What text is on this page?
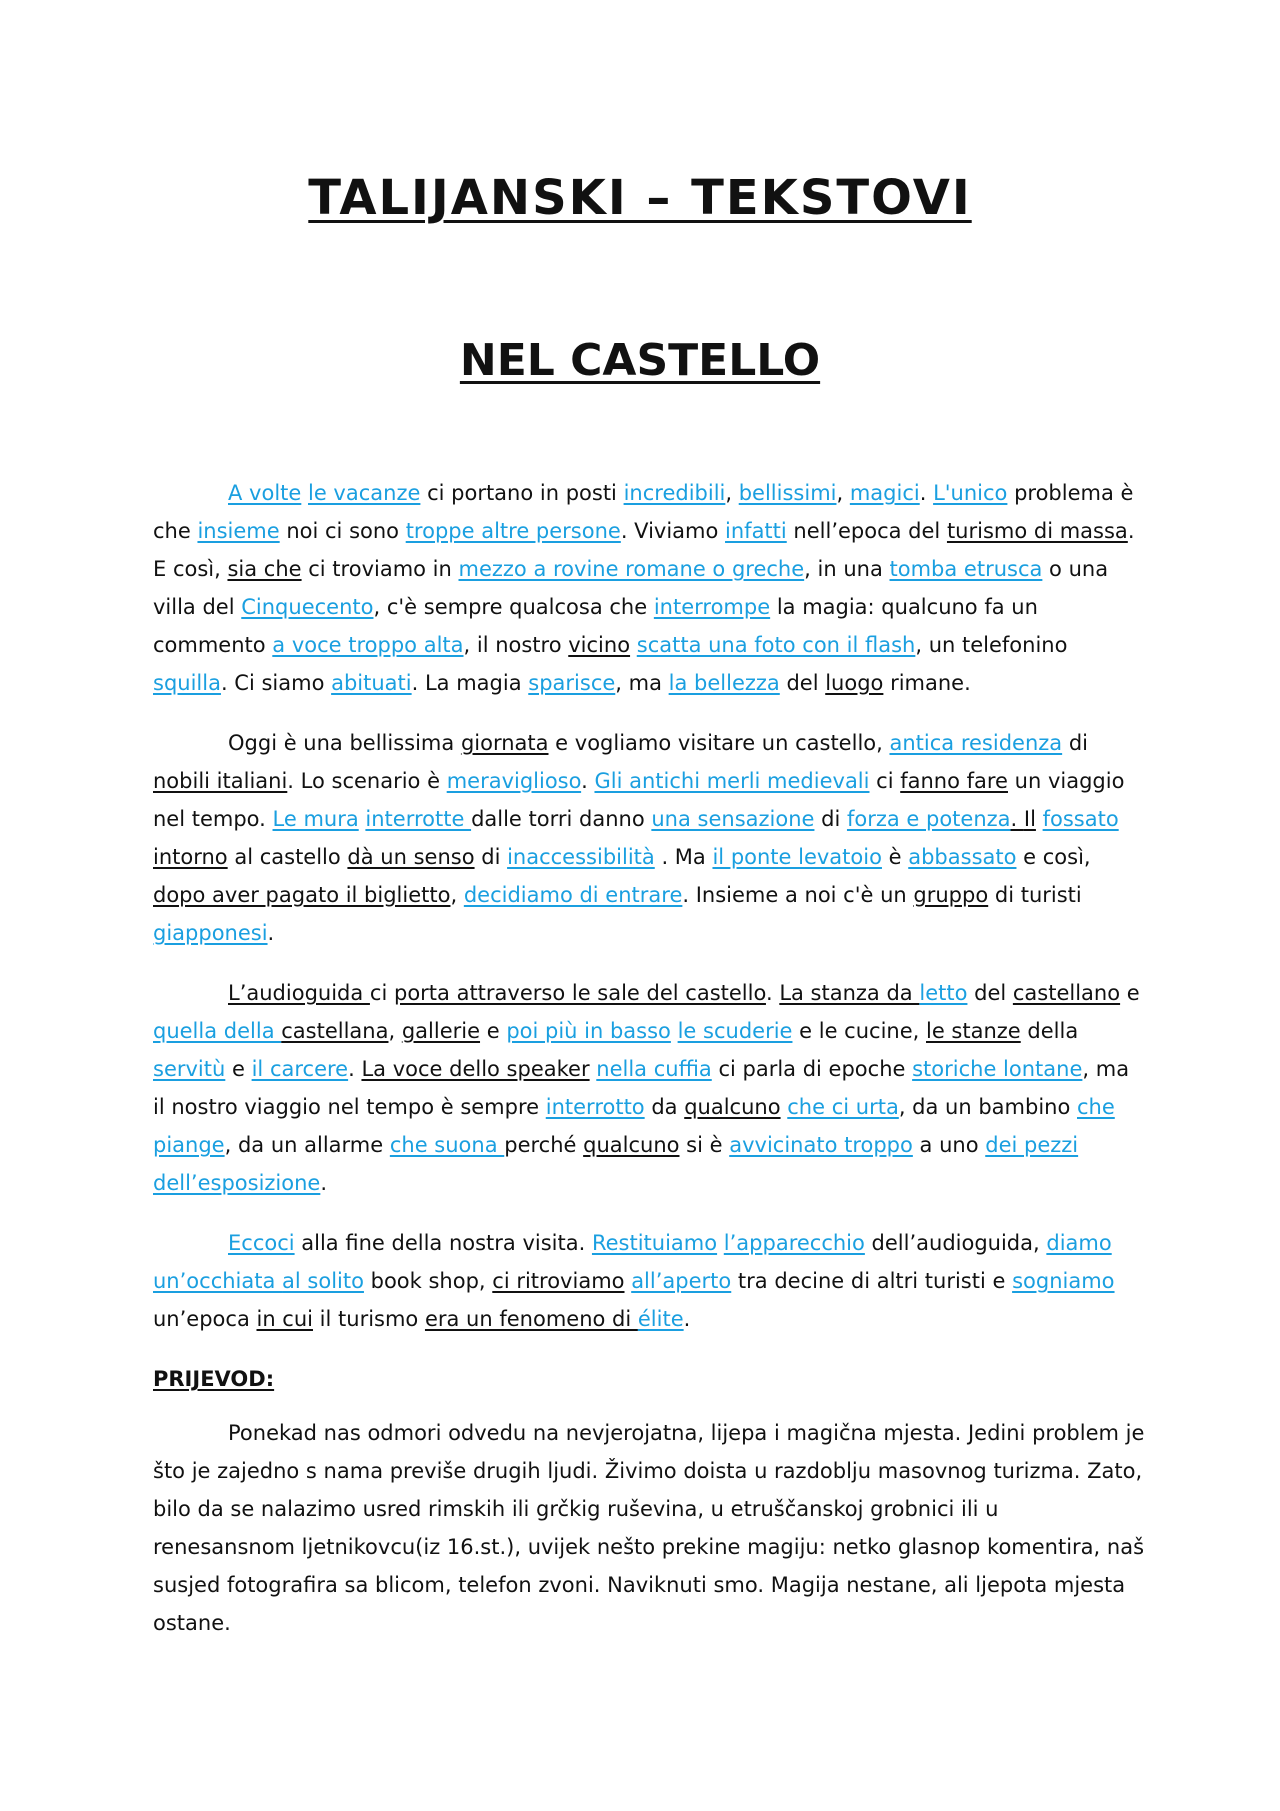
TALIJANSKI – TEKSTOVI
NEL CASTELLO

A volte le vacanze ci portano in posti incredibili, bellissimi, magici. L'unico problema è che insieme noi ci sono troppe altre persone. Viviamo infatti nell’epoca del turismo di massa. E così, sia che ci troviamo in mezzo a rovine romane o greche, in una tomba etrusca o una villa del Cinquecento, c'è sempre qualcosa che interrompe la magia: qualcuno fa un commento a voce troppo alta, il nostro vicino scatta una foto con il flash, un telefonino squilla. Ci siamo abituati. La magia sparisce, ma la bellezza del luogo rimane.

Oggi è una bellissima giornata e vogliamo visitare un castello, antica residenza di nobili italiani. Lo scenario è meraviglioso. Gli antichi merli medievali ci fanno fare un viaggio nel tempo. Le mura interrotte dalle torri danno una sensazione di forza e potenza. Il fossato intorno al castello dà un senso di inaccessibilità . Ma il ponte levatoio è abbassato e così, dopo aver pagato il biglietto, decidiamo di entrare. Insieme a noi c'è un gruppo di turisti giapponesi.

L’audioguida ci porta attraverso le sale del castello. La stanza da letto del castellano e quella della castellana, gallerie e poi più in basso le scuderie e le cucine, le stanze della servitù e il carcere. La voce dello speaker nella cuffia ci parla di epoche storiche lontane, ma il nostro viaggio nel tempo è sempre interrotto da qualcuno che ci urta, da un bambino che piange, da un allarme che suona perché qualcuno si è avvicinato troppo a uno dei pezzi dell’esposizione.

Eccoci alla fine della nostra visita. Restituiamo l’apparecchio dell’audioguida, diamo un’occhiata al solito book shop, ci ritroviamo all’aperto tra decine di altri turisti e sogniamo un’epoca in cui il turismo era un fenomeno di élite.

PRIJEVOD:

Ponekad nas odmori odvedu na nevjerojatna, lijepa i magična mjesta. Jedini problem je što je zajedno s nama previše drugih ljudi. Živimo doista u razdoblju masovnog turizma. Zato, bilo da se nalazimo usred rimskih ili grčkig ruševina, u etruščanskoj grobnici ili u renesansnom ljetnikovcu(iz 16.st.), uvijek nešto prekine magiju: netko glasnop komentira, naš susjed fotografira sa blicom, telefon zvoni. Naviknuti smo. Magija nestane, ali ljepota mjesta ostane.
